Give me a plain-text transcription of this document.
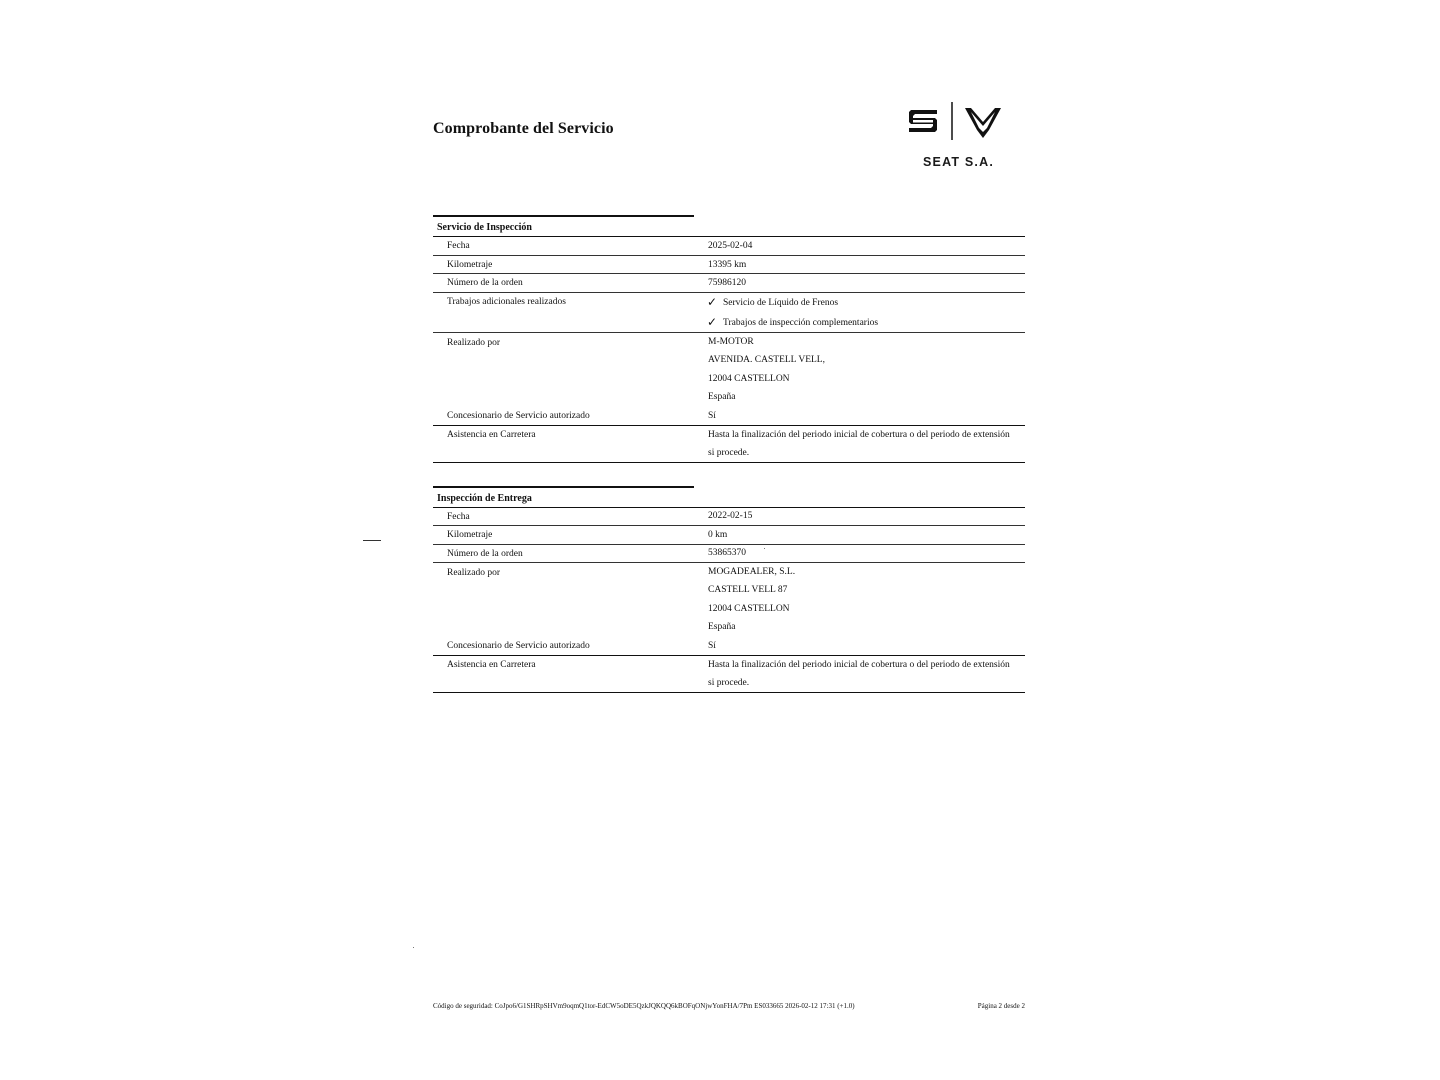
Comprobante del Servicio
SEAT S.A.
Servicio de Inspección
Fecha	2025-02-04
Kilometraje	13395 km
Número de la orden	75986120
Trabajos adicionales realizados	✓ Servicio de Líquido de Frenos
✓ Trabajos de inspección complementarios
Realizado por	M-MOTOR
AVENIDA. CASTELL VELL,
12004 CASTELLON
España
Concesionario de Servicio autorizado	Sí
Asistencia en Carretera	Hasta la finalización del periodo inicial de cobertura o del periodo de extensión
si procede.
Inspección de Entrega
Fecha	2022-02-15
Kilometraje	0 km
Número de la orden	53865370
Realizado por	MOGADEALER, S.L.
CASTELL VELL 87
12004 CASTELLON
España
Concesionario de Servicio autorizado	Sí
Asistencia en Carretera	Hasta la finalización del periodo inicial de cobertura o del periodo de extensión
si procede.
Código de seguridad: CoJpo6/G1SHRpSHVm9oqmQ1tor-EdCW5oDE5QzkJQKQQ6kBOFqONjwYonFHA/7Pm ES033665 2026-02-12 17:31 (+1.0)	Página 2 desde 2
